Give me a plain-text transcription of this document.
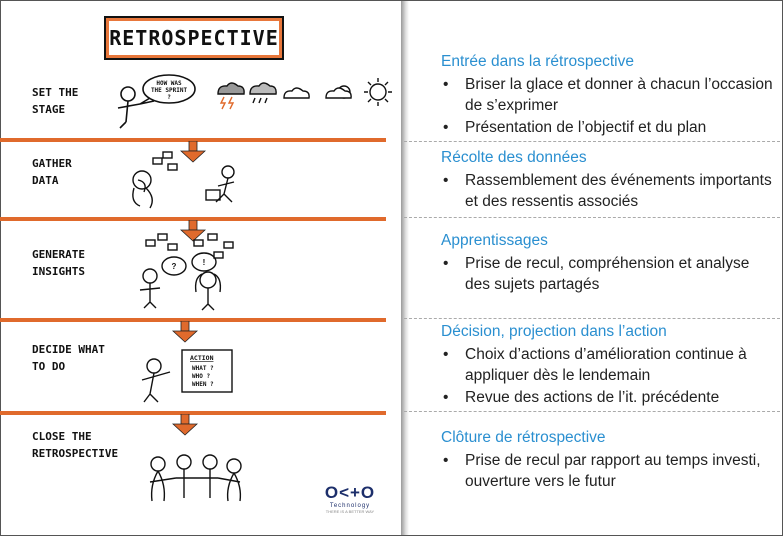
RETROSPECTIVE
SET THE
STAGE
GATHER
DATA
GENERATE
INSIGHTS
DECIDE WHAT
TO DO
CLOSE THE
RETROSPECTIVE
HOW WAS
THE SPRINT
?
?	!
ACTION
WHAT ?
WHO ?
WHEN ?
O<+O
Technology
THERE IS A BETTER WAY
Entrée dans la rétrospective
• Briser la glace et donner à chacun l’occasion de s’exprimer
• Présentation de l’objectif et du plan
Récolte des données
• Rassemblement des événements importants et des ressentis associés
Apprentissages
• Prise de recul, compréhension et analyse des sujets partagés
Décision, projection dans l’action
• Choix d’actions d’amélioration continue à appliquer dès le lendemain
• Revue des actions de l’it. précédente
Clôture de rétrospective
• Prise de recul par rapport au temps investi, ouverture vers le futur
